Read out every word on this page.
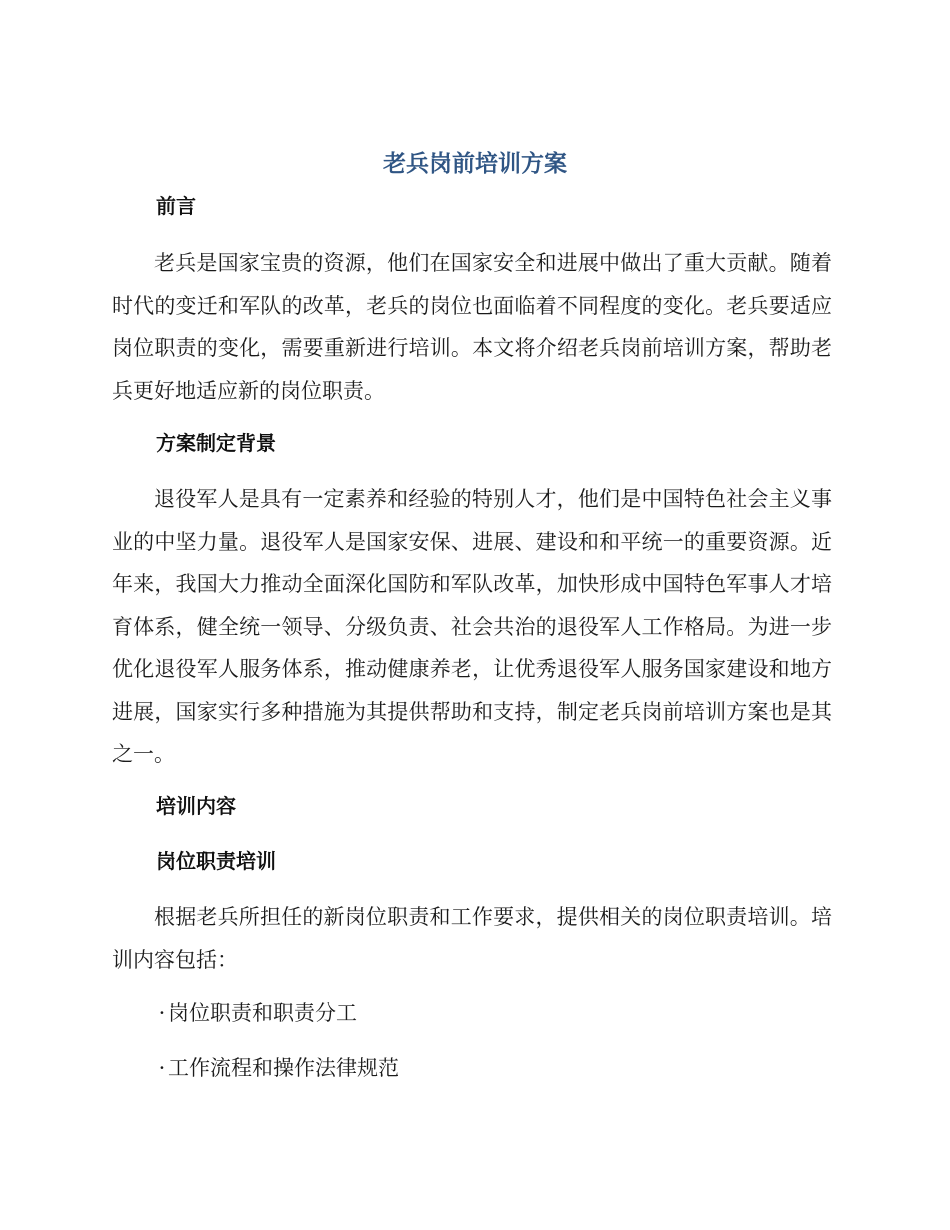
老兵岗前培训方案
前言

老兵是国家宝贵的资源，他们在国家安全和进展中做出了重大贡献。随着时代的变迁和军队的改革，老兵的岗位也面临着不同程度的变化。老兵要适应岗位职责的变化，需要重新进行培训。本文将介绍老兵岗前培训方案，帮助老兵更好地适应新的岗位职责。

方案制定背景

退役军人是具有一定素养和经验的特别人才，他们是中国特色社会主义事业的中坚力量。退役军人是国家安保、进展、建设和和平统一的重要资源。近年来，我国大力推动全面深化国防和军队改革，加快形成中国特色军事人才培育体系，健全统一领导、分级负责、社会共治的退役军人工作格局。为进一步优化退役军人服务体系，推动健康养老，让优秀退役军人服务国家建设和地方进展，国家实行多种措施为其提供帮助和支持，制定老兵岗前培训方案也是其之一。

培训内容
岗位职责培训

根据老兵所担任的新岗位职责和工作要求，提供相关的岗位职责培训。培训内容包括：

· 岗位职责和职责分工

· 工作流程和操作法律规范
